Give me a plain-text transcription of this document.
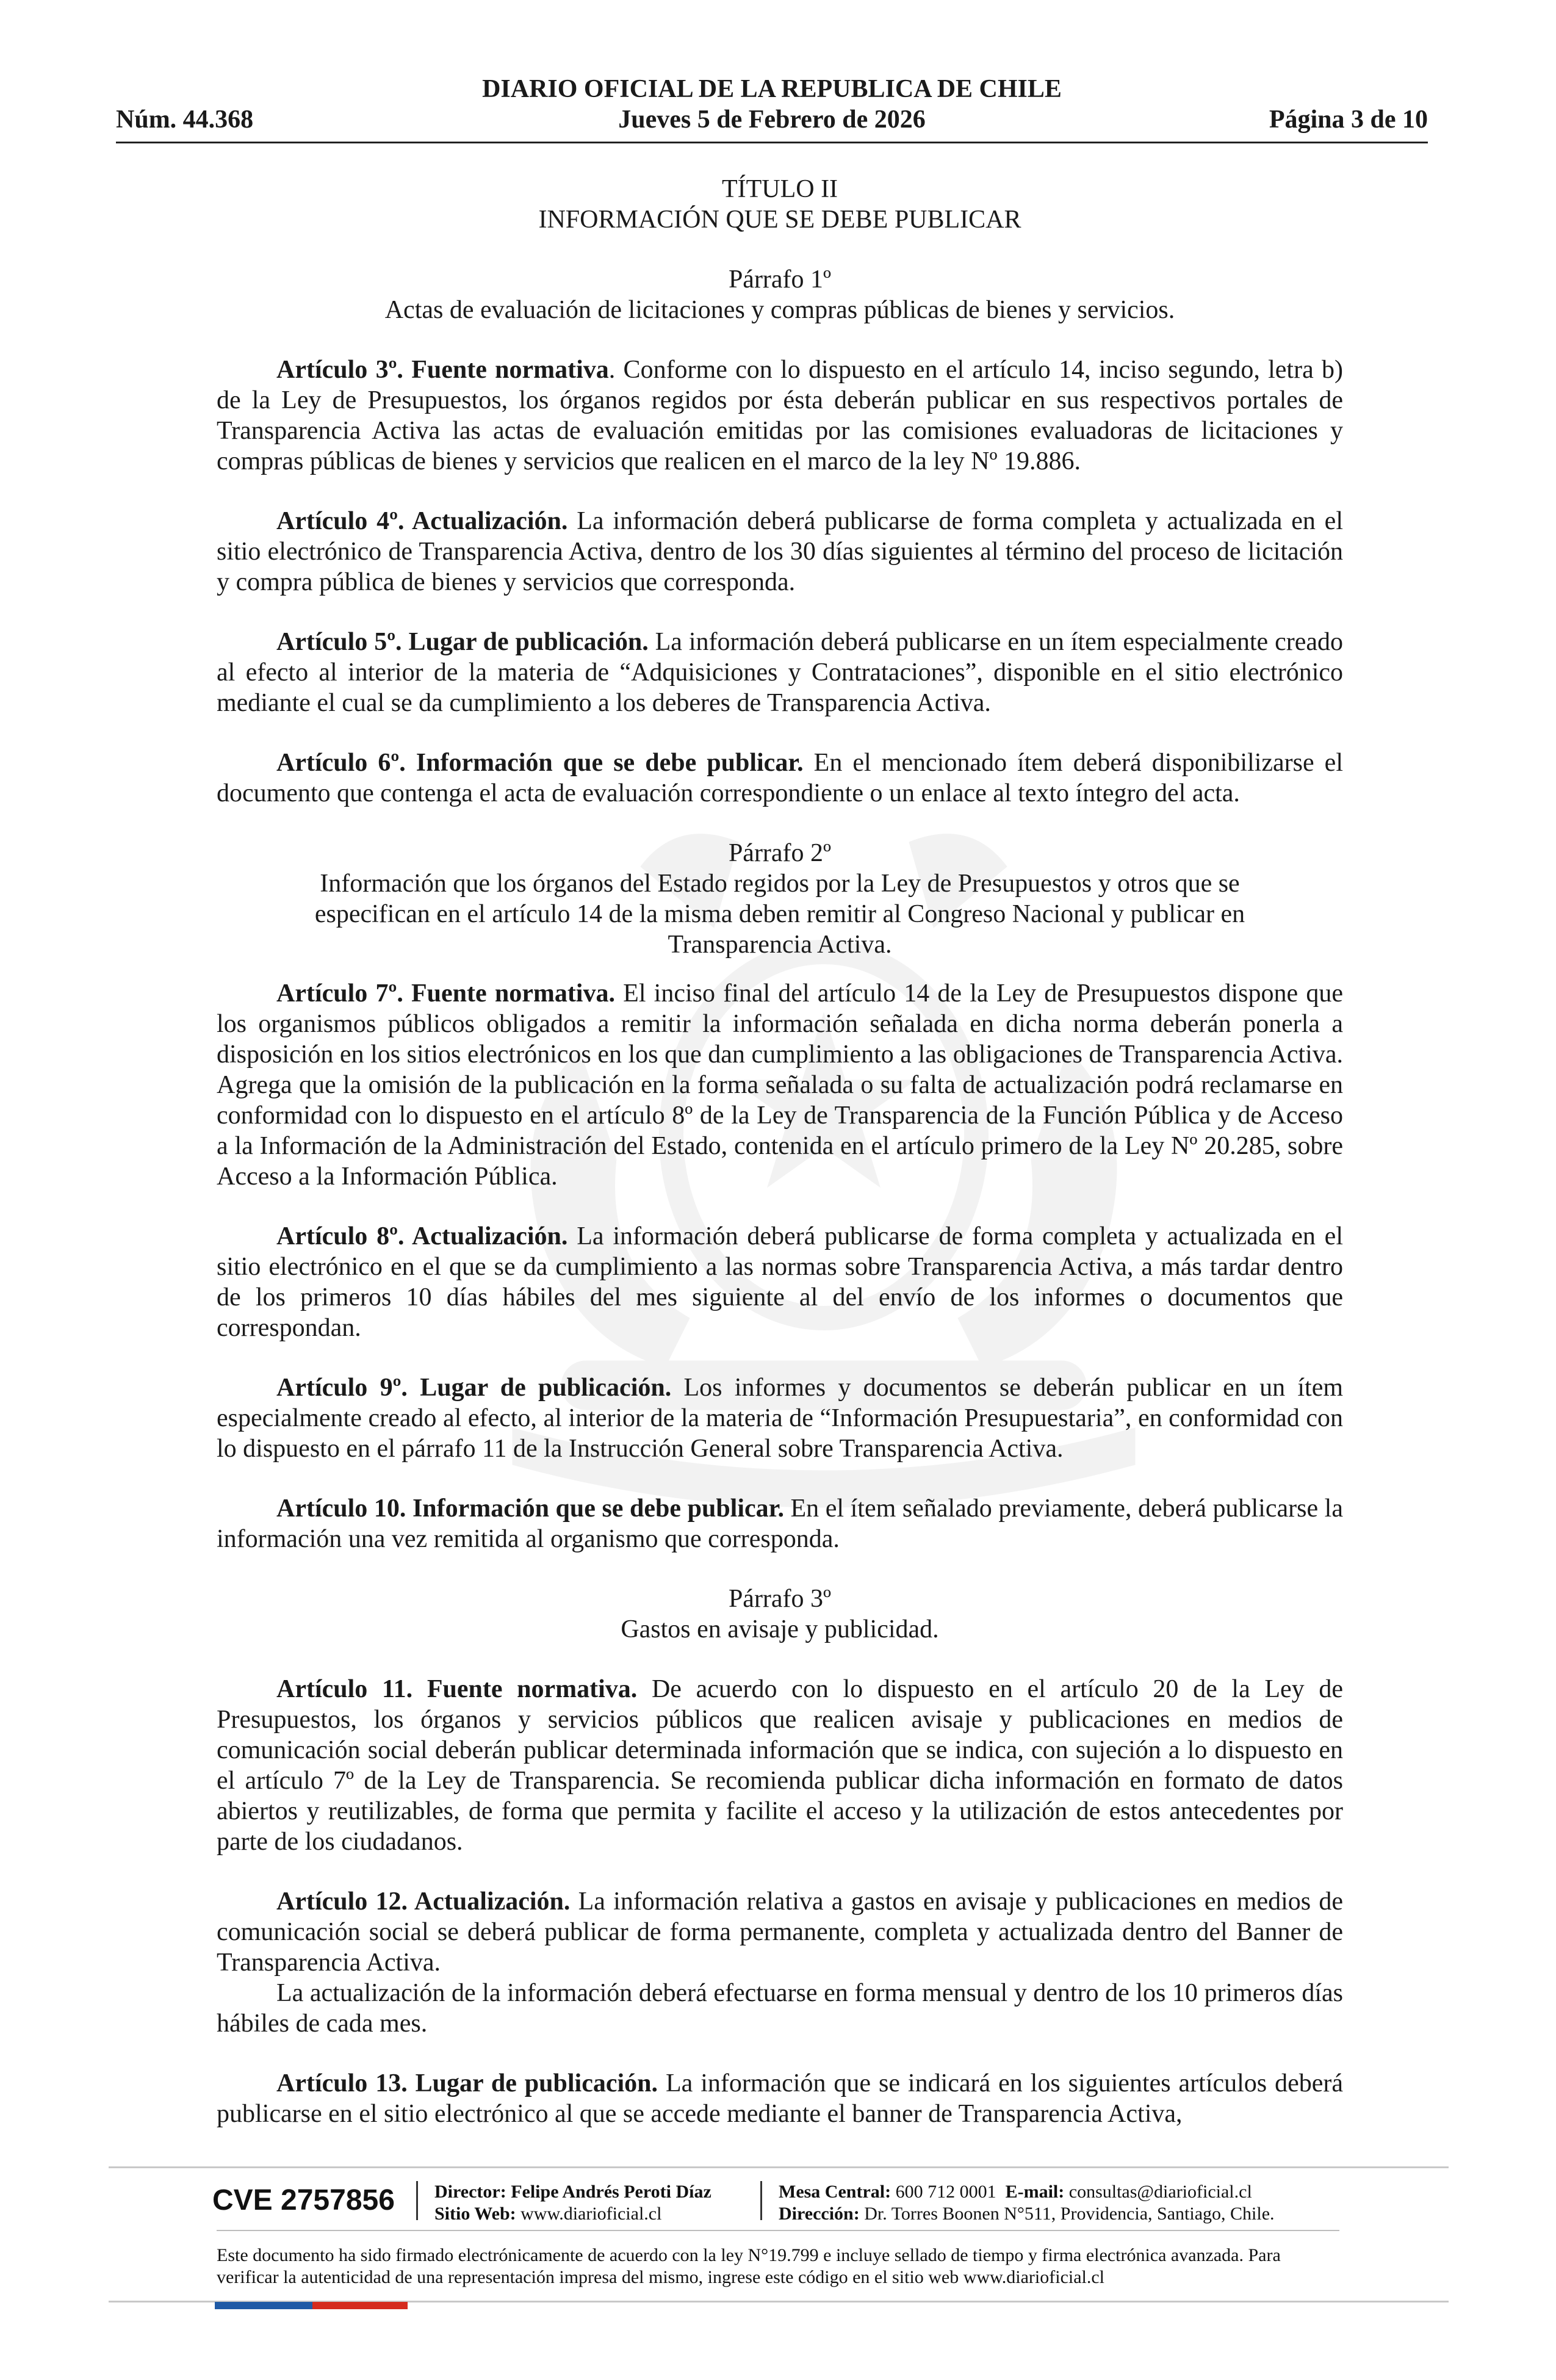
DIARIO OFICIAL DE LA REPUBLICA DE CHILE
Núm. 44.368	Jueves 5 de Febrero de 2026	Página 3 de 10
TÍTULO II
INFORMACIÓN QUE SE DEBE PUBLICAR
Párrafo 1º
Actas de evaluación de licitaciones y compras públicas de bienes y servicios.

Artículo 3º. Fuente normativa. Conforme con lo dispuesto en el artículo 14, inciso segundo, letra b) de la Ley de Presupuestos, los órganos regidos por ésta deberán publicar en sus respectivos portales de Transparencia Activa las actas de evaluación emitidas por las comisiones evaluadoras de licitaciones y compras públicas de bienes y servicios que realicen en el marco de la ley Nº 19.886.

Artículo 4º. Actualización. La información deberá publicarse de forma completa y actualizada en el sitio electrónico de Transparencia Activa, dentro de los 30 días siguientes al término del proceso de licitación y compra pública de bienes y servicios que corresponda.

Artículo 5º. Lugar de publicación. La información deberá publicarse en un ítem especialmente creado al efecto al interior de la materia de “Adquisiciones y Contrataciones”, disponible en el sitio electrónico mediante el cual se da cumplimiento a los deberes de Transparencia Activa.

Artículo 6º. Información que se debe publicar. En el mencionado ítem deberá disponibilizarse el documento que contenga el acta de evaluación correspondiente o un enlace al texto íntegro del acta.

Párrafo 2º
Información que los órganos del Estado regidos por la Ley de Presupuestos y otros que se especifican en el artículo 14 de la misma deben remitir al Congreso Nacional y publicar en Transparencia Activa.

Artículo 7º. Fuente normativa. El inciso final del artículo 14 de la Ley de Presupuestos dispone que los organismos públicos obligados a remitir la información señalada en dicha norma deberán ponerla a disposición en los sitios electrónicos en los que dan cumplimiento a las obligaciones de Transparencia Activa. Agrega que la omisión de la publicación en la forma señalada o su falta de actualización podrá reclamarse en conformidad con lo dispuesto en el artículo 8º de la Ley de Transparencia de la Función Pública y de Acceso a la Información de la Administración del Estado, contenida en el artículo primero de la Ley Nº 20.285, sobre Acceso a la Información Pública.

Artículo 8º. Actualización. La información deberá publicarse de forma completa y actualizada en el sitio electrónico en el que se da cumplimiento a las normas sobre Transparencia Activa, a más tardar dentro de los primeros 10 días hábiles del mes siguiente al del envío de los informes o documentos que correspondan.

Artículo 9º. Lugar de publicación. Los informes y documentos se deberán publicar en un ítem especialmente creado al efecto, al interior de la materia de “Información Presupuestaria”, en conformidad con lo dispuesto en el párrafo 11 de la Instrucción General sobre Transparencia Activa.

Artículo 10. Información que se debe publicar. En el ítem señalado previamente, deberá publicarse la información una vez remitida al organismo que corresponda.

Párrafo 3º
Gastos en avisaje y publicidad.

Artículo 11. Fuente normativa. De acuerdo con lo dispuesto en el artículo 20 de la Ley de Presupuestos, los órganos y servicios públicos que realicen avisaje y publicaciones en medios de comunicación social deberán publicar determinada información que se indica, con sujeción a lo dispuesto en el artículo 7º de la Ley de Transparencia. Se recomienda publicar dicha información en formato de datos abiertos y reutilizables, de forma que permita y facilite el acceso y la utilización de estos antecedentes por parte de los ciudadanos.

Artículo 12. Actualización. La información relativa a gastos en avisaje y publicaciones en medios de comunicación social se deberá publicar de forma permanente, completa y actualizada dentro del Banner de Transparencia Activa.

La actualización de la información deberá efectuarse en forma mensual y dentro de los 10 primeros días hábiles de cada mes.

Artículo 13. Lugar de publicación. La información que se indicará en los siguientes artículos deberá publicarse en el sitio electrónico al que se accede mediante el banner de Transparencia Activa,

CVE 2757856 Director: Felipe Andrés Peroti Díaz
Sitio Web: www.diarioficial.cl
Mesa Central: 600 712 0001 E-mail: consultas@diarioficial.cl
Dirección: Dr. Torres Boonen N°511, Providencia, Santiago, Chile.
Este documento ha sido firmado electrónicamente de acuerdo con la ley N°19.799 e incluye sellado de tiempo y firma electrónica avanzada. Para verificar la autenticidad de una representación impresa del mismo, ingrese este código en el sitio web www.diarioficial.cl
